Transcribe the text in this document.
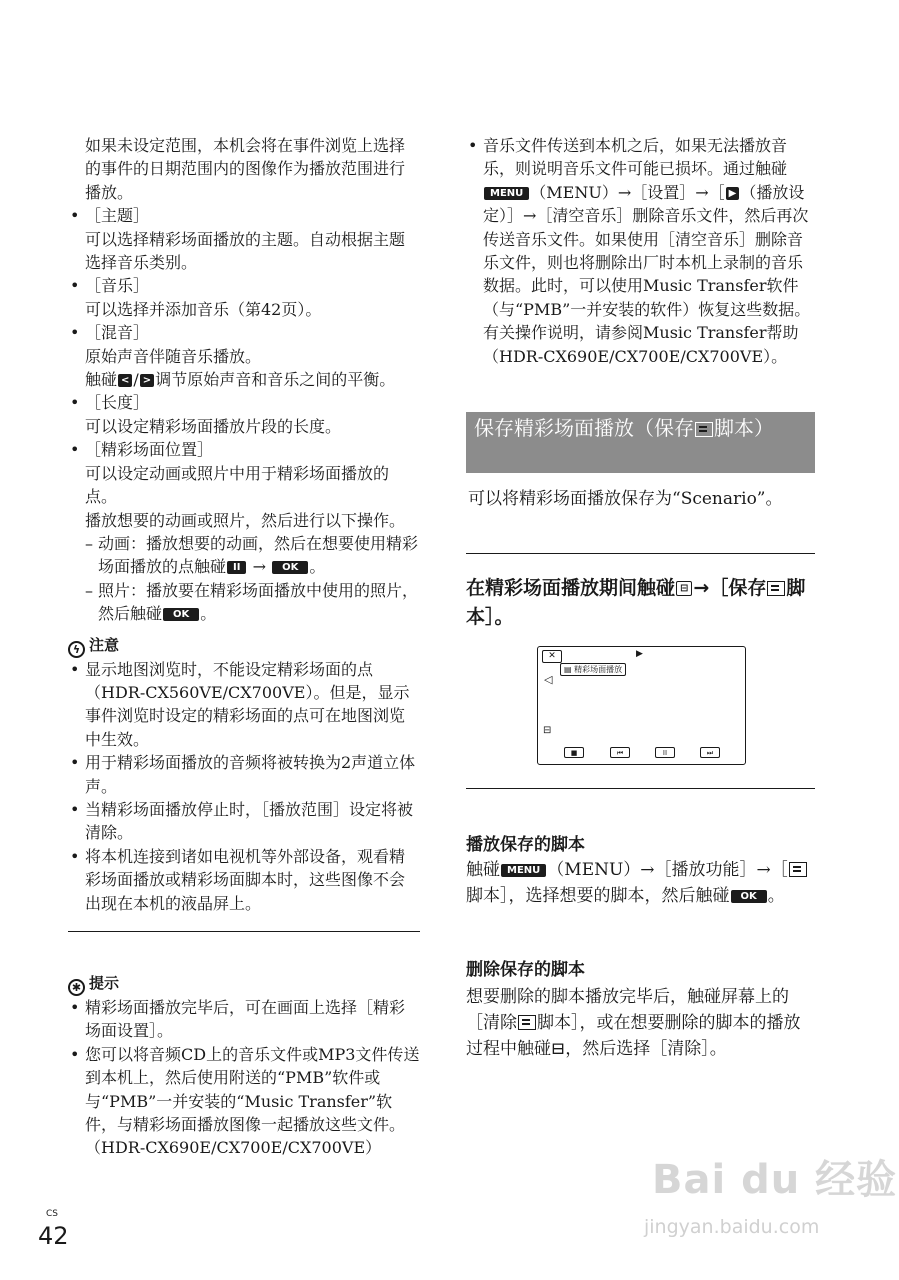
如果未设定范围，本机会将在事件浏览上选择的事件的日期范围内的图像作为播放范围进行播放。

• ［主题］

可以选择精彩场面播放的主题。自动根据主题选择音乐类别。

• ［音乐］

可以选择并添加音乐（第42页）。

• ［混音］

原始声音伴随音乐播放。

触碰 < / > 调节原始声音和音乐之间的平衡。

• ［长度］

可以设定精彩场面播放片段的长度。

• ［精彩场面位置］

可以设定动画或照片中用于精彩场面播放的点。

播放想要的动画或照片，然后进行以下操作。

– 动画：播放想要的动画，然后在想要使用精彩场面播放的点触碰 II → OK 。
– 照片：播放要在精彩场面播放中使用的照片，然后触碰 OK 。

ϟ 注意

• 显示地图浏览时，不能设定精彩场面的点（HDR-CX560VE/CX700VE）。但是，显示事件浏览时设定的精彩场面的点可在地图浏览中生效。
• 用于精彩场面播放的音频将被转换为2声道立体声。
• 当精彩场面播放停止时，［播放范围］设定将被清除。
• 将本机连接到诸如电视机等外部设备，观看精彩场面播放或精彩场面脚本时，这些图像不会出现在本机的液晶屏上。

✱ 提示

• 精彩场面播放完毕后，可在画面上选择［精彩场面设置］。
• 您可以将音频CD上的音乐文件或MP3文件传送到本机上，然后使用附送的“PMB”软件或与“PMB”一并安装的“Music Transfer”软件，与精彩场面播放图像一起播放这些文件。（HDR-CX690E/CX700E/CX700VE）
• 音乐文件传送到本机之后，如果无法播放音乐，则说明音乐文件可能已损坏。通过触碰MENU （MENU）→［设置］→［ ▶ （播放设定）］→［清空音乐］删除音乐文件，然后再次传送音乐文件。如果使用［清空音乐］删除音乐文件，则也将删除出厂时本机上录制的音乐数据。此时，可以使用Music Transfer软件（与“PMB”一并安装的软件）恢复这些数据。有关操作说明，请参阅Music Transfer帮助（HDR-CX690E/CX700E/CX700VE）。
保存精彩场面播放（保存 脚本）

可以将精彩场面播放保存为“Scenario”。

在精彩场面播放期间触碰 ⊟ →［保存 脚本］。
✕	▶
▤ 精彩场面播放
◁
⊟
■	⏮	II	⏭
播放保存的脚本
触碰 MENU （MENU）→［播放功能］→［脚本］，选择想要的脚本，然后触碰 OK 。
删除保存的脚本
想要删除的脚本播放完毕后，触碰屏幕上的［清除 脚本］，或在想要删除的脚本的播放过程中触碰⊟，然后选择［清除］。
CS
42
Bai du 经验
jingyan.baidu.com
